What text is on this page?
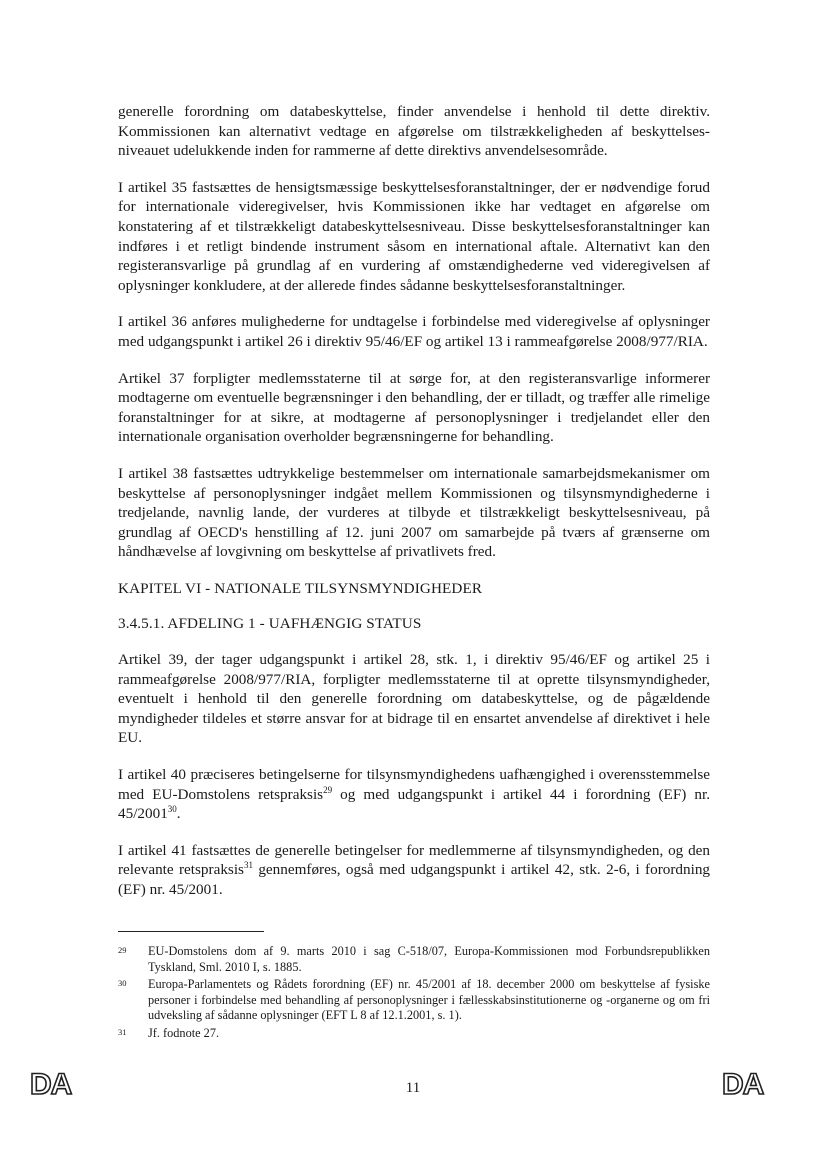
generelle forordning om databeskyttelse, finder anvendelse i henhold til dette direktiv. Kommissionen kan alternativt vedtage en afgørelse om tilstrækkeligheden af beskyttelses-niveauet udelukkende inden for rammerne af dette direktivs anvendelsesområde.

I artikel 35 fastsættes de hensigtsmæssige beskyttelsesforanstaltninger, der er nødvendige forud for internationale videregivelser, hvis Kommissionen ikke har vedtaget en afgørelse om konstatering af et tilstrækkeligt databeskyttelsesniveau. Disse beskyttelsesforanstaltninger kan indføres i et retligt bindende instrument såsom en international aftale. Alternativt kan den registeransvarlige på grundlag af en vurdering af omstændighederne ved videregivelsen af oplysninger konkludere, at der allerede findes sådanne beskyttelsesforanstaltninger.

I artikel 36 anføres mulighederne for undtagelse i forbindelse med videregivelse af oplysninger med udgangspunkt i artikel 26 i direktiv 95/46/EF og artikel 13 i rammeafgørelse 2008/977/RIA.

Artikel 37 forpligter medlemsstaterne til at sørge for, at den registeransvarlige informerer modtagerne om eventuelle begrænsninger i den behandling, der er tilladt, og træffer alle rimelige foranstaltninger for at sikre, at modtagerne af personoplysninger i tredjelandet eller den internationale organisation overholder begrænsningerne for behandling.

I artikel 38 fastsættes udtrykkelige bestemmelser om internationale samarbejdsmekanismer om beskyttelse af personoplysninger indgået mellem Kommissionen og tilsynsmyndighederne i tredjelande, navnlig lande, der vurderes at tilbyde et tilstrækkeligt beskyttelsesniveau, på grundlag af OECD's henstilling af 12. juni 2007 om samarbejde på tværs af grænserne om håndhævelse af lovgivning om beskyttelse af privatlivets fred.

KAPITEL VI - NATIONALE TILSYNSMYNDIGHEDER

3.4.5.1. AFDELING 1 - UAFHÆNGIG STATUS

Artikel 39, der tager udgangspunkt i artikel 28, stk. 1, i direktiv 95/46/EF og artikel 25 i rammeafgørelse 2008/977/RIA, forpligter medlemsstaterne til at oprette tilsynsmyndigheder, eventuelt i henhold til den generelle forordning om databeskyttelse, og de pågældende myndigheder tildeles et større ansvar for at bidrage til en ensartet anvendelse af direktivet i hele EU.

I artikel 40 præciseres betingelserne for tilsynsmyndighedens uafhængighed i overensstemmelse med EU-Domstolens retspraksis$^{29}$ og med udgangspunkt i artikel 44 i forordning (EF) nr. 45/2001$^{30}$.

I artikel 41 fastsættes de generelle betingelser for medlemmerne af tilsynsmyndigheden, og den relevante retspraksis$^{31}$ gennemføres, også med udgangspunkt i artikel 42, stk. 2-6, i forordning (EF) nr. 45/2001.

29	EU-Domstolens dom af 9. marts 2010 i sag C-518/07, Europa-Kommissionen mod Forbundsrepublikken Tyskland, Sml. 2010 I, s. 1885.
30	Europa-Parlamentets og Rådets forordning (EF) nr. 45/2001 af 18. december 2000 om beskyttelse af fysiske personer i forbindelse med behandling af personoplysninger i fællesskabsinstitutionerne og -organerne og om fri udveksling af sådanne oplysninger (EFT L 8 af 12.1.2001, s. 1).
31	Jf. fodnote 27.
DA	11	DA
